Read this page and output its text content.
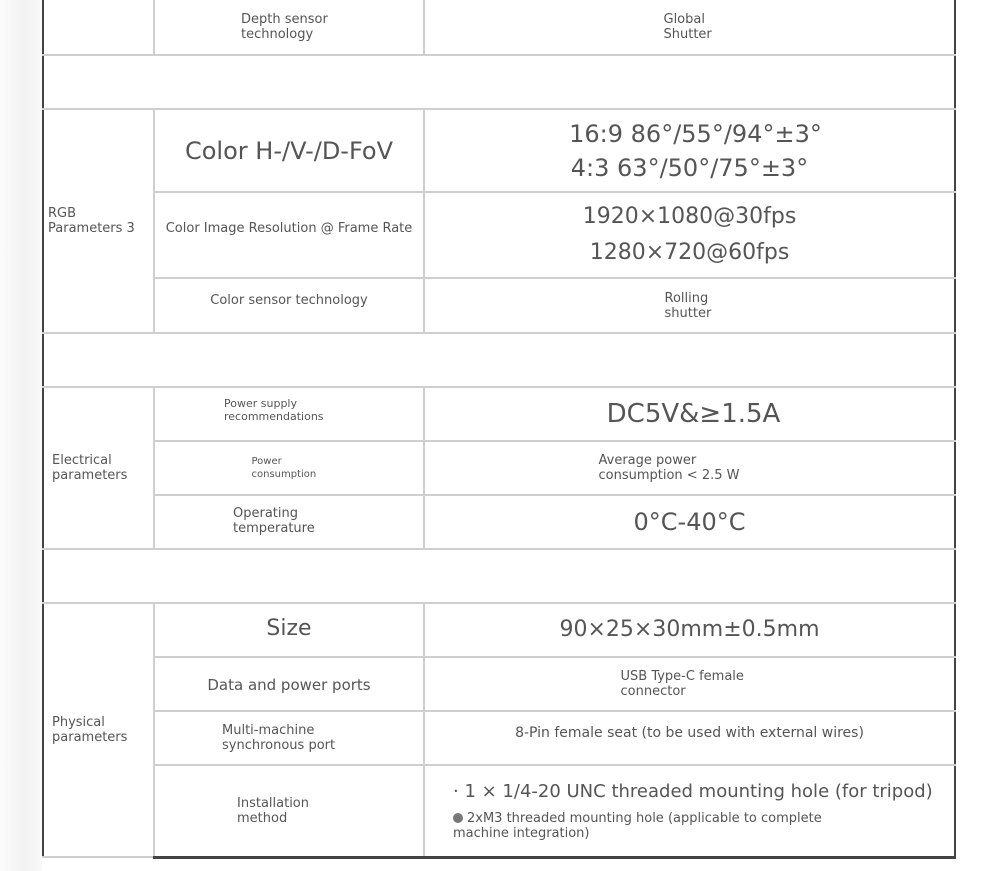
	Depth sensor technology	Global Shutter

RGB Parameters 3	Color H-/V-/D-FoV	16:9 86°/55°/94°±3°
4:3 63°/50°/75°±3°

	Color Image Resolution @ Frame Rate	1920×1080@30fps
1280×720@60fps

	Color sensor technology	Rolling shutter

Electrical parameters	Power supply recommendations	DC5V&≥1.5A
	Power consumption	Average power consumption < 2.5 W
	Operating temperature	0°C-40°C

Physical parameters	Size	90×25×30mm±0.5mm
	Data and power ports	USB Type-C female connector
	Multi-machine synchronous port	8-Pin female seat (to be used with external wires)
	Installation method	· 1 × 1/4-20 UNC threaded mounting hole (for tripod)
2xM3 threaded mounting hole (applicable to complete machine integration)
